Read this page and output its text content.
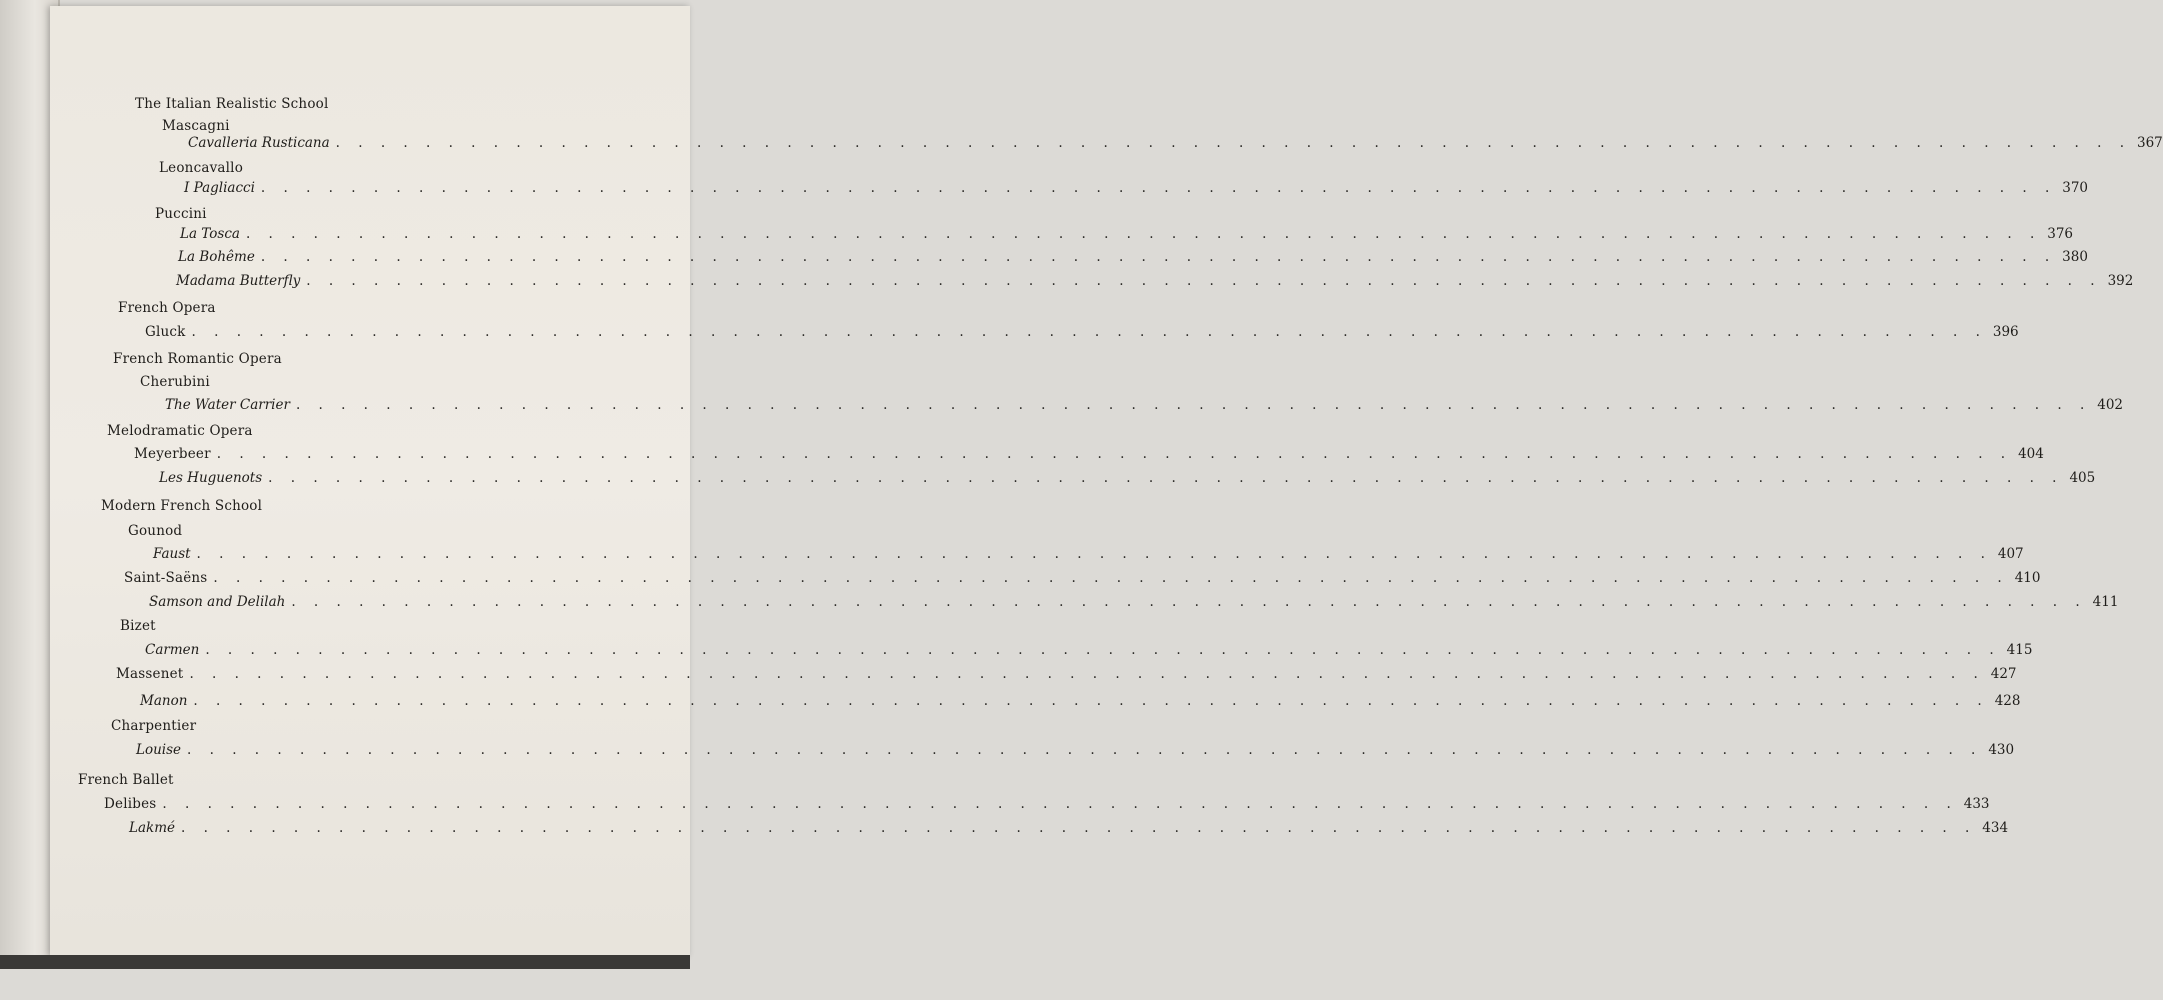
The Italian Realistic School
Mascagni
Cavalleria Rusticana . . . . . . . . . . . . . . . . . . . . . . . . . . . . . . . . . . . . . . . . . . . . . . . . . . . . . . . . . . . . . . . . . . . . . . . . . . . . . . . . 367
Leoncavallo
I Pagliacci . . . . . . . . . . . . . . . . . . . . . . . . . . . . . . . . . . . . . . . . . . . . . . . . . . . . . . . . . . . . . . . . . . . . . . . . . . . . . . . . 370
Puccini
La Tosca . . . . . . . . . . . . . . . . . . . . . . . . . . . . . . . . . . . . . . . . . . . . . . . . . . . . . . . . . . . . . . . . . . . . . . . . . . . . . . . . 376
La Bohême . . . . . . . . . . . . . . . . . . . . . . . . . . . . . . . . . . . . . . . . . . . . . . . . . . . . . . . . . . . . . . . . . . . . . . . . . . . . . . . . 380
Madama Butterfly . . . . . . . . . . . . . . . . . . . . . . . . . . . . . . . . . . . . . . . . . . . . . . . . . . . . . . . . . . . . . . . . . . . . . . . . . . . . . . . . 392
French Opera
Gluck . . . . . . . . . . . . . . . . . . . . . . . . . . . . . . . . . . . . . . . . . . . . . . . . . . . . . . . . . . . . . . . . . . . . . . . . . . . . . . . . 396
French Romantic Opera
Cherubini
The Water Carrier . . . . . . . . . . . . . . . . . . . . . . . . . . . . . . . . . . . . . . . . . . . . . . . . . . . . . . . . . . . . . . . . . . . . . . . . . . . . . . . . 402
Melodramatic Opera
Meyerbeer . . . . . . . . . . . . . . . . . . . . . . . . . . . . . . . . . . . . . . . . . . . . . . . . . . . . . . . . . . . . . . . . . . . . . . . . . . . . . . . . 404
Les Huguenots . . . . . . . . . . . . . . . . . . . . . . . . . . . . . . . . . . . . . . . . . . . . . . . . . . . . . . . . . . . . . . . . . . . . . . . . . . . . . . . . 405
Modern French School
Gounod
Faust . . . . . . . . . . . . . . . . . . . . . . . . . . . . . . . . . . . . . . . . . . . . . . . . . . . . . . . . . . . . . . . . . . . . . . . . . . . . . . . . 407
Saint-Saëns . . . . . . . . . . . . . . . . . . . . . . . . . . . . . . . . . . . . . . . . . . . . . . . . . . . . . . . . . . . . . . . . . . . . . . . . . . . . . . . . 410
Samson and Delilah . . . . . . . . . . . . . . . . . . . . . . . . . . . . . . . . . . . . . . . . . . . . . . . . . . . . . . . . . . . . . . . . . . . . . . . . . . . . . . . . 411
Bizet
Carmen . . . . . . . . . . . . . . . . . . . . . . . . . . . . . . . . . . . . . . . . . . . . . . . . . . . . . . . . . . . . . . . . . . . . . . . . . . . . . . . . 415
Massenet . . . . . . . . . . . . . . . . . . . . . . . . . . . . . . . . . . . . . . . . . . . . . . . . . . . . . . . . . . . . . . . . . . . . . . . . . . . . . . . . 427
Manon . . . . . . . . . . . . . . . . . . . . . . . . . . . . . . . . . . . . . . . . . . . . . . . . . . . . . . . . . . . . . . . . . . . . . . . . . . . . . . . . 428
Charpentier
Louise . . . . . . . . . . . . . . . . . . . . . . . . . . . . . . . . . . . . . . . . . . . . . . . . . . . . . . . . . . . . . . . . . . . . . . . . . . . . . . . . 430
French Ballet
Delibes . . . . . . . . . . . . . . . . . . . . . . . . . . . . . . . . . . . . . . . . . . . . . . . . . . . . . . . . . . . . . . . . . . . . . . . . . . . . . . . . 433
Lakmé . . . . . . . . . . . . . . . . . . . . . . . . . . . . . . . . . . . . . . . . . . . . . . . . . . . . . . . . . . . . . . . . . . . . . . . . . . . . . . . . 434
